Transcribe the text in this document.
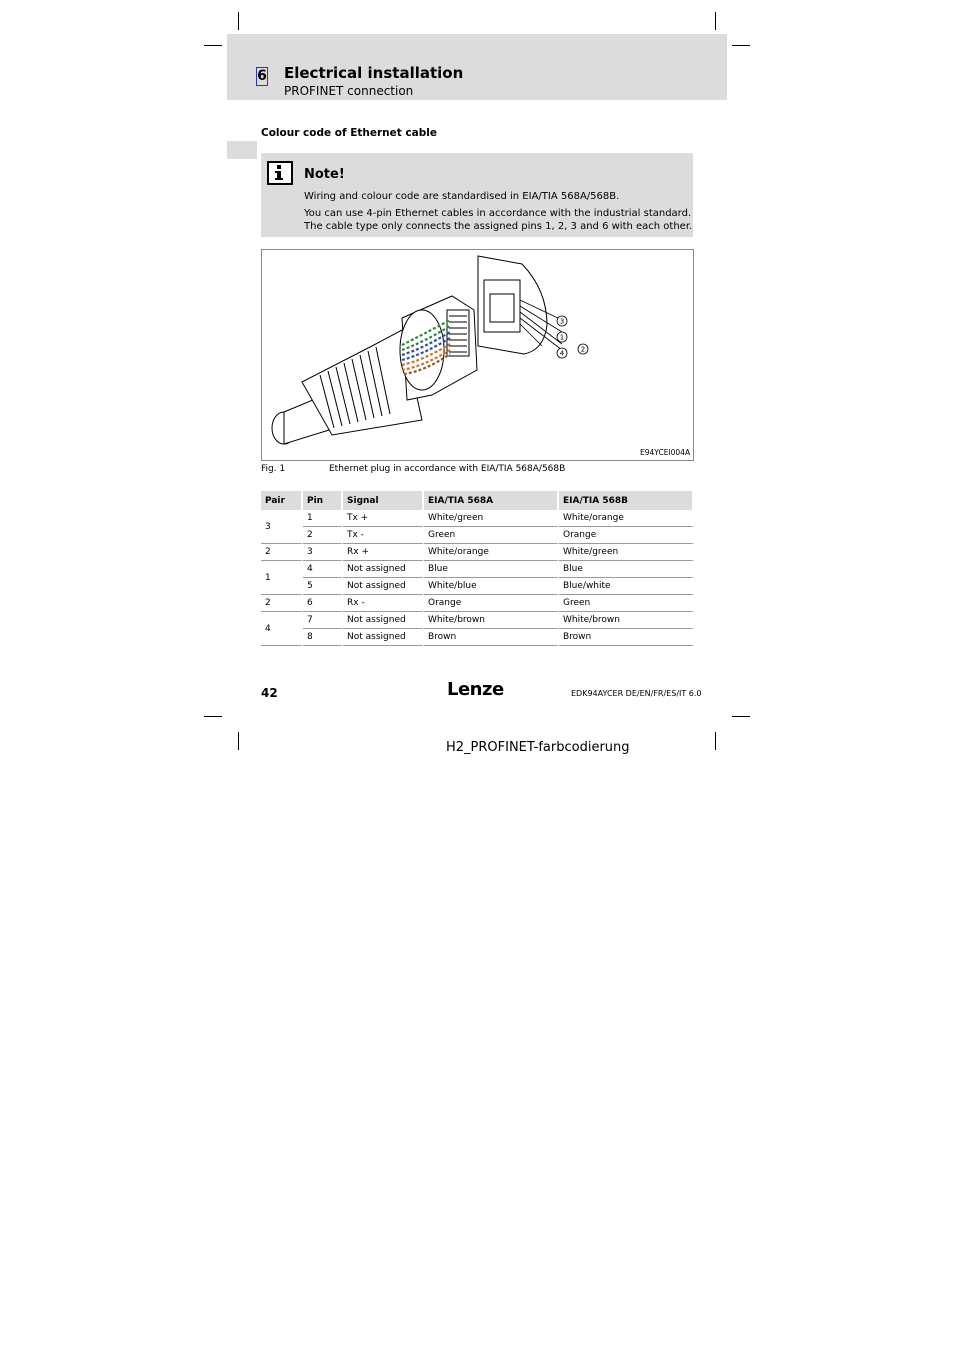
6 Electrical installation
PROFINET connection
Colour code of Ethernet cable
Note!
Wiring and colour code are standardised in EIA/TIA 568A/568B.
You can use 4-pin Ethernet cables in accordance with the industrial standard.
The cable type only connects the assigned pins 1, 2, 3 and 6 with each other.
3
1
4 2
E94YCEI004A
Fig. 1	Ethernet plug in accordance with EIA/TIA 568A/568B
Pair	Pin	Signal	EIA/TIA 568A	EIA/TIA 568B
3	1	Tx +	White/green	White/orange
	2	Tx -	Green	Orange
2	3	Rx +	White/orange	White/green
1	4	Not assigned	Blue	Blue
	5	Not assigned	White/blue	Blue/white
2	6	Rx -	Orange	Green
4	7	Not assigned	White/brown	White/brown
	8	Not assigned	Brown	Brown
42	Lenze	EDK94AYCER DE/EN/FR/ES/IT 6.0
H2_PROFINET-farbcodierung
